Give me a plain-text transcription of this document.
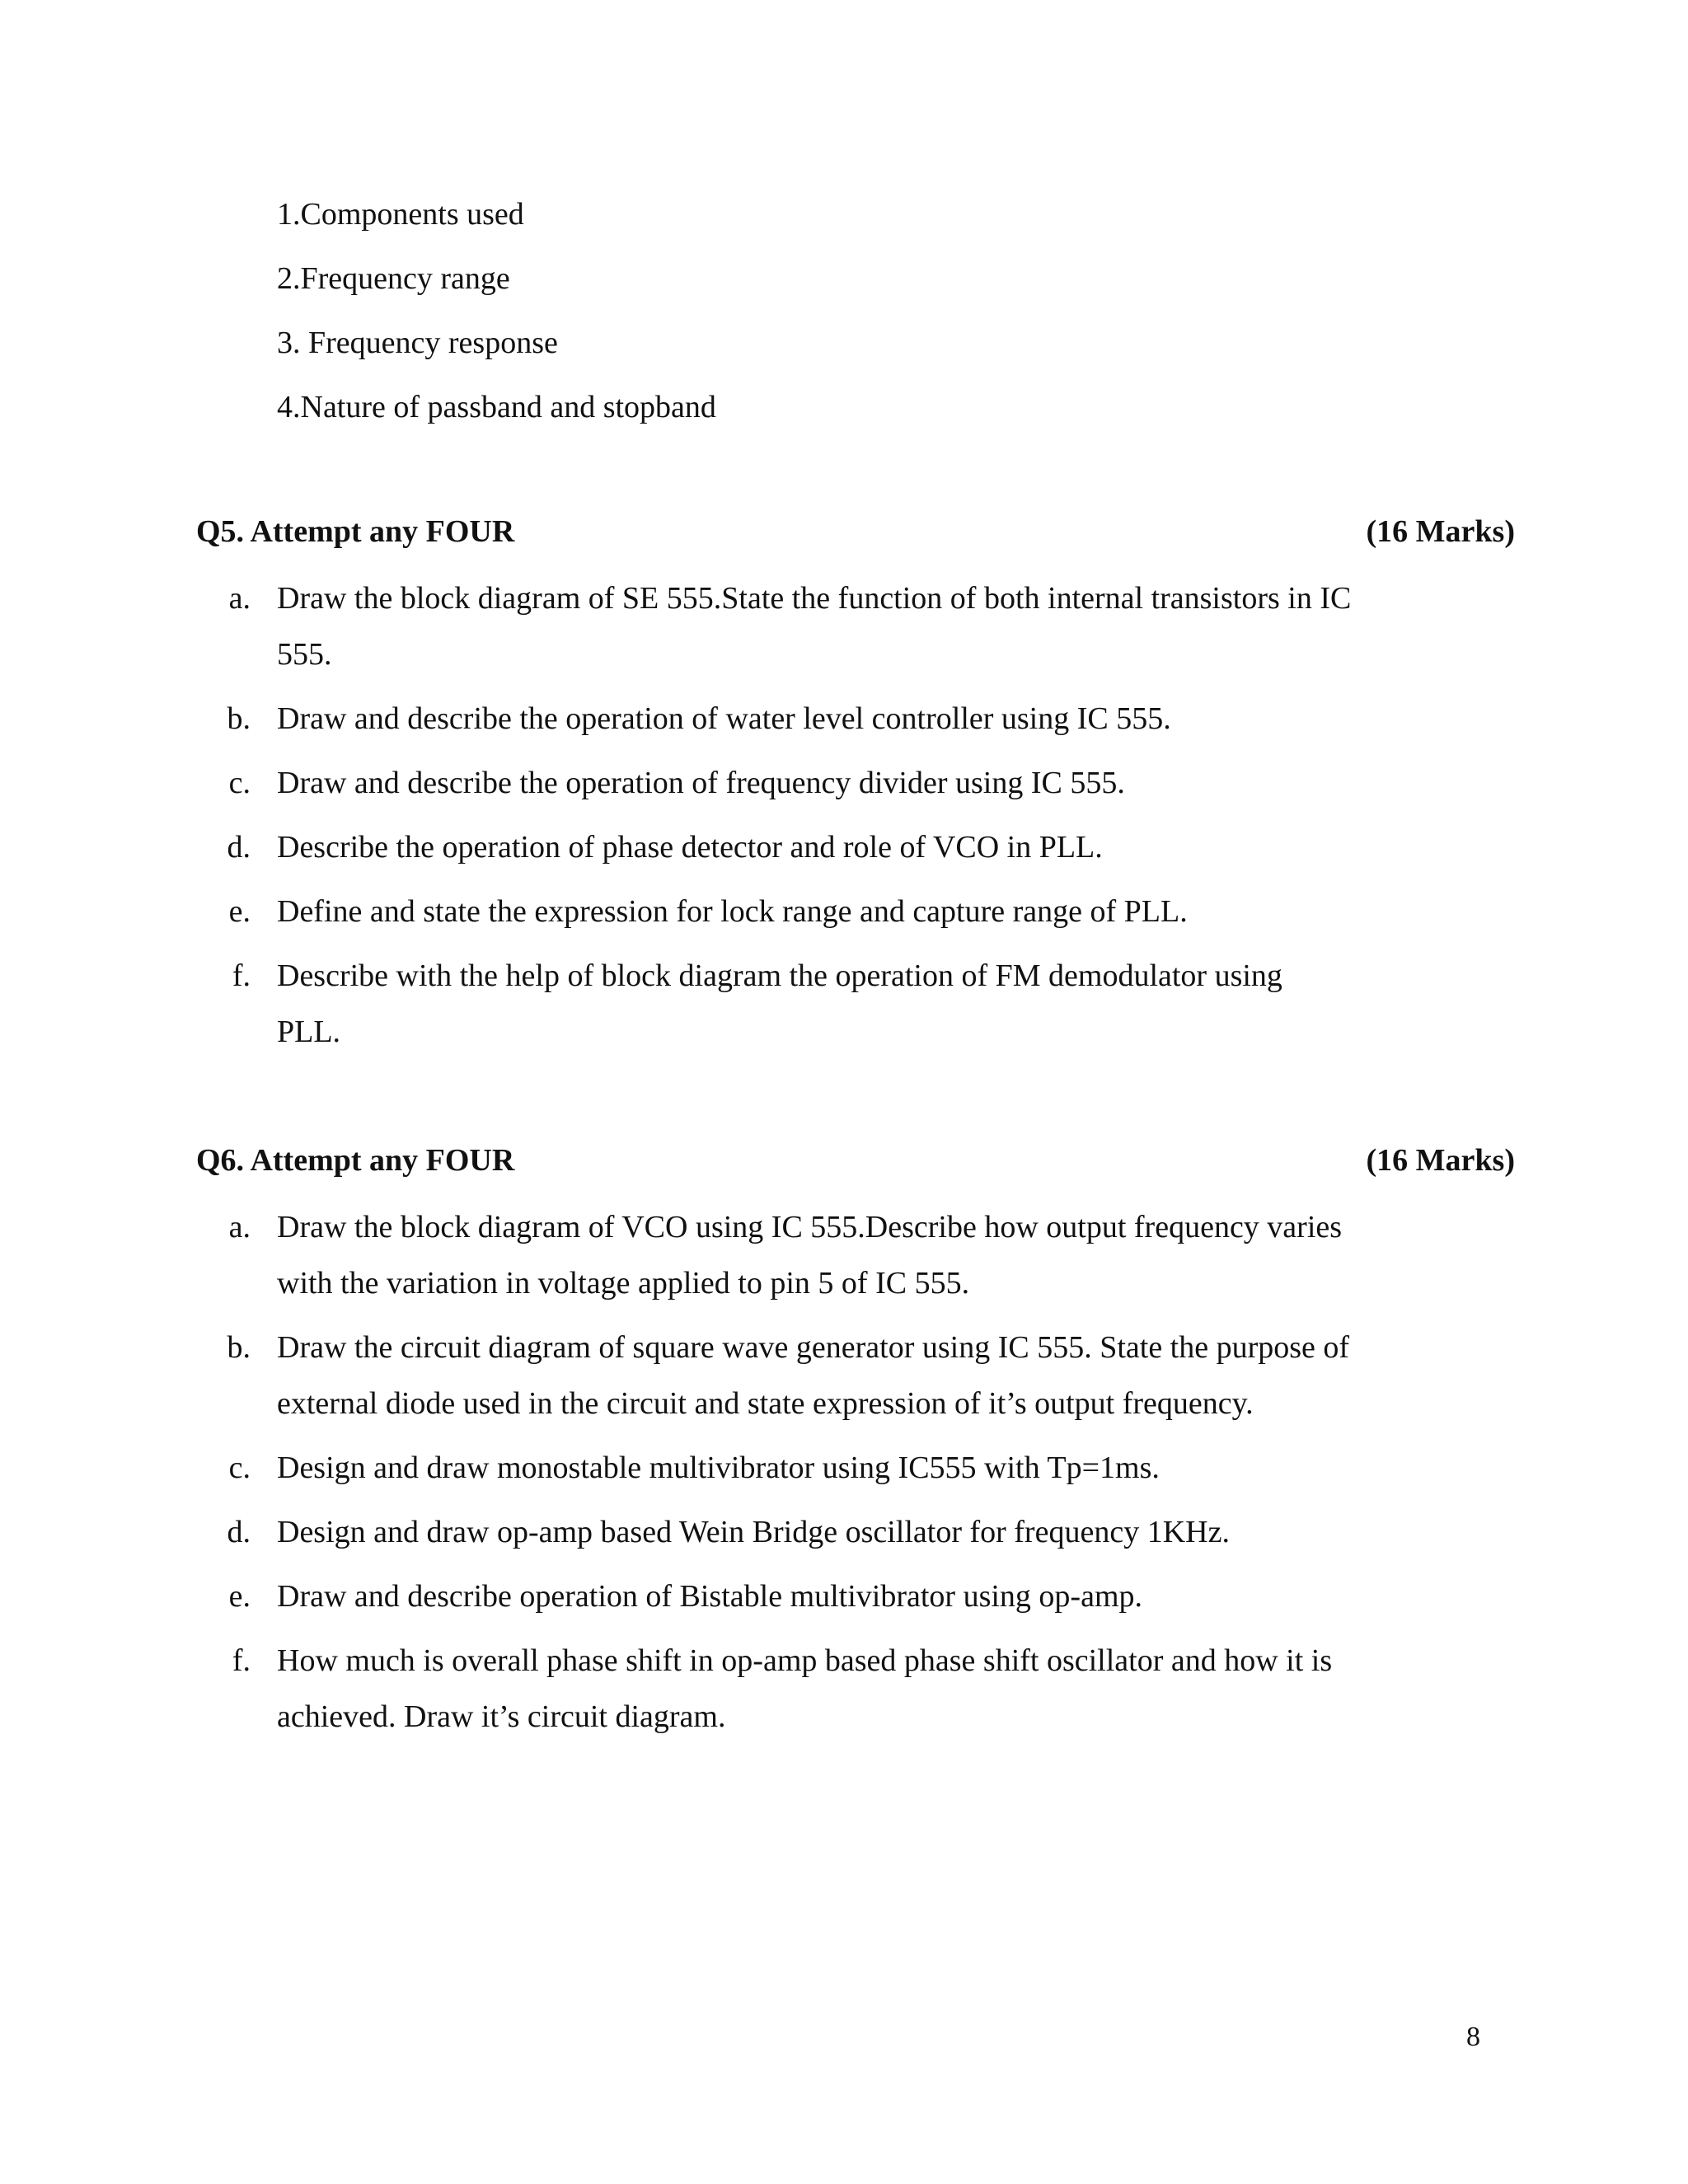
1.Components used
2.Frequency range
3. Frequency response
4.Nature of passband and stopband
Q5. Attempt any FOUR	(16 Marks)
a. Draw the block diagram of SE 555.State the function of both internal transistors in IC
555.
b. Draw and describe the operation of water level controller using IC 555.
c. Draw and describe the operation of frequency divider using IC 555.
d. Describe the operation of phase detector and role of VCO in PLL.
e. Define and state the expression for lock range and capture range of PLL.
f. Describe with the help of block diagram the operation of FM demodulator using
PLL.
Q6. Attempt any FOUR	(16 Marks)
a. Draw the block diagram of VCO using IC 555.Describe how output frequency varies
with the variation in voltage applied to pin 5 of IC 555.
b. Draw the circuit diagram of square wave generator using IC 555. State the purpose of
external diode used in the circuit and state expression of it’s output frequency.
c. Design and draw monostable multivibrator using IC555 with Tp=1ms.
d. Design and draw op-amp based Wein Bridge oscillator for frequency 1KHz.
e. Draw and describe operation of Bistable multivibrator using op-amp.
f. How much is overall phase shift in op-amp based phase shift oscillator and how it is
achieved. Draw it’s circuit diagram.
8
